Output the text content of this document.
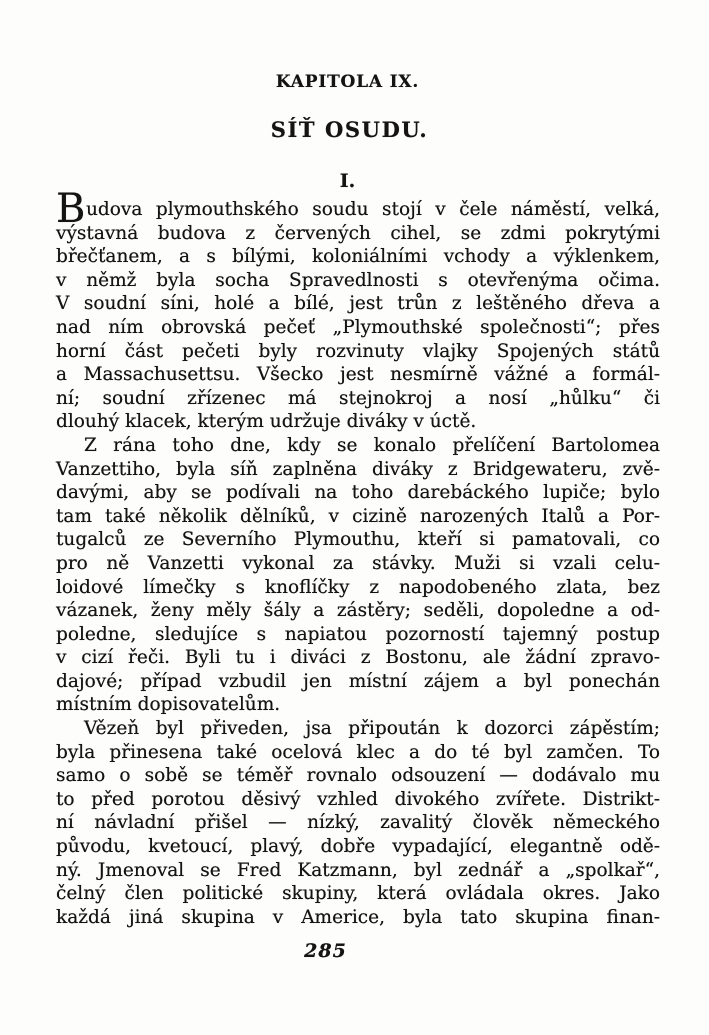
KAPITOLA IX.
SÍŤ OSUDU.
I.
B udova plymouthského soudu stojí v čele náměstí, velká,
výstavná budova z červených cihel, se zdmi pokrytými
břečťanem, a s bílými, koloniálními vchody a výklenkem,
v němž byla socha Spravedlnosti s otevřenýma očima.
V soudní síni, holé a bílé, jest trůn z leštěného dřeva a
nad ním obrovská pečeť „Plymouthské společnosti“; přes
horní část pečeti byly rozvinuty vlajky Spojených států
a Massachusettsu. Všecko jest nesmírně vážné a formál-
ní; soudní zřízenec má stejnokroj a nosí „hůlku“ či
dlouhý klacek, kterým udržuje diváky v úctě.
Z rána toho dne, kdy se konalo přelíčení Bartolomea
Vanzettiho, byla síň zaplněna diváky z Bridgewateru, zvě-
davými, aby se podívali na toho darebáckého lupiče; bylo
tam také několik dělníků, v cizině narozených Italů a Por-
tugalců ze Severního Plymouthu, kteří si pamatovali, co
pro ně Vanzetti vykonal za stávky. Muži si vzali celu-
loidové límečky s knoflíčky z napodobeného zlata, bez
vázanek, ženy měly šály a zástěry; seděli, dopoledne a od-
poledne, sledujíce s napiatou pozorností tajemný postup
v cizí řeči. Byli tu i diváci z Bostonu, ale žádní zpravo-
dajové; případ vzbudil jen místní zájem a byl ponechán
místním dopisovatelům.
Vězeň byl přiveden, jsa připoután k dozorci zápěstím;
byla přinesena také ocelová klec a do té byl zamčen. To
samo o sobě se téměř rovnalo odsouzení — dodávalo mu
to před porotou děsivý vzhled divokého zvířete. Distrikt-
ní návladní přišel — nízký, zavalitý člověk německého
původu, kvetoucí, plavý, dobře vypadající, elegantně odě-
ný. Jmenoval se Fred Katzmann, byl zednář a „spolkař“,
čelný člen politické skupiny, která ovládala okres. Jako
každá jiná skupina v Americe, byla tato skupina finan-
285
